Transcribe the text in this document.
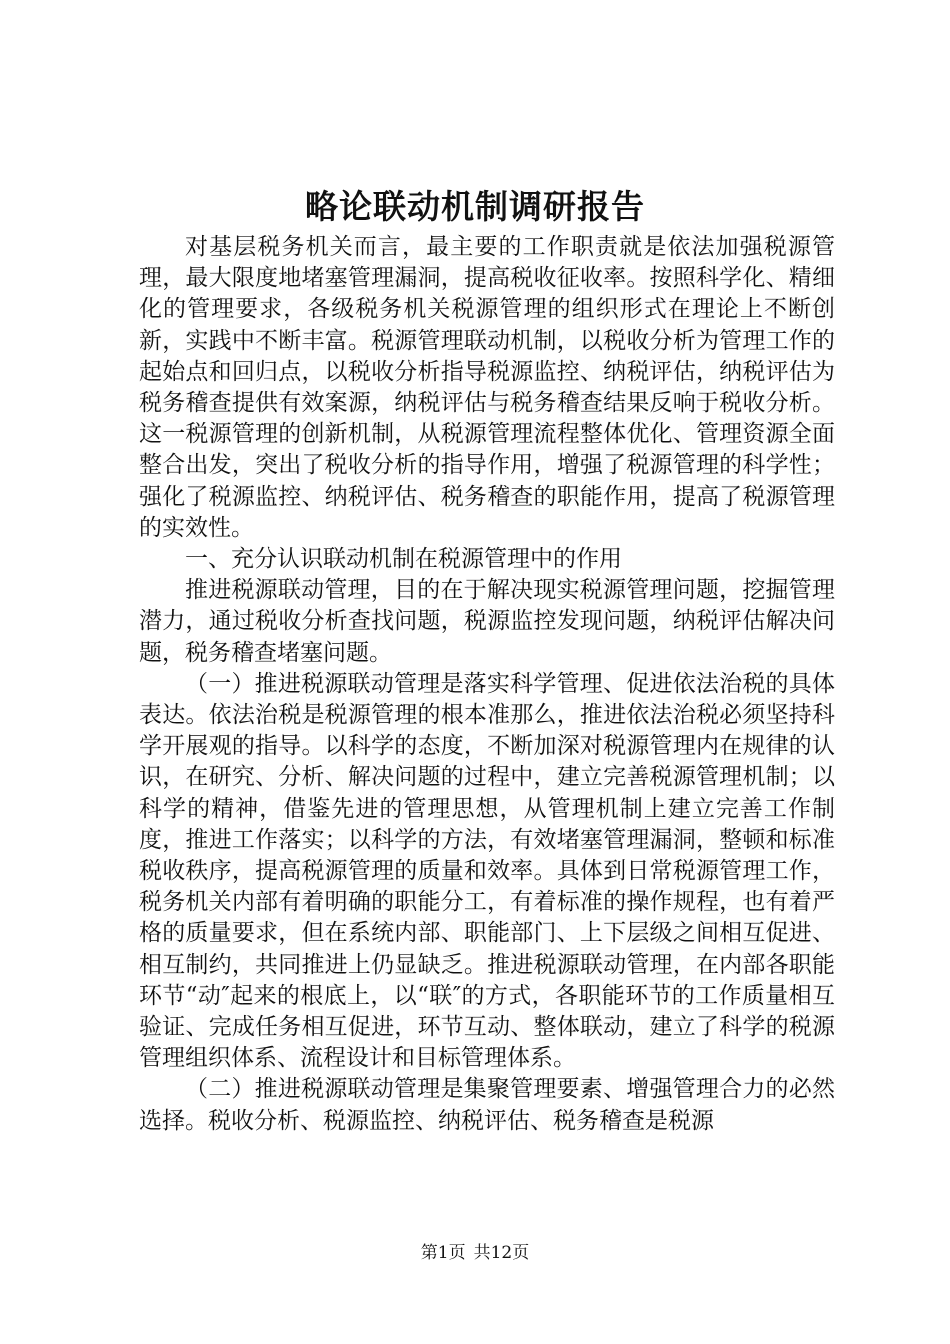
略论联动机制调研报告

对基层税务机关而言，最主要的工作职责就是依法加强税源管理，最大限度地堵塞管理漏洞，提高税收征收率。按照科学化、精细化的管理要求，各级税务机关税源管理的组织形式在理论上不断创新，实践中不断丰富。税源管理联动机制，以税收分析为管理工作的起始点和回归点，以税收分析指导税源监控、纳税评估，纳税评估为税务稽查提供有效案源，纳税评估与税务稽查结果反响于税收分析。这一税源管理的创新机制，从税源管理流程整体优化、管理资源全面整合出发，突出了税收分析的指导作用，增强了税源管理的科学性；强化了税源监控、纳税评估、税务稽查的职能作用，提高了税源管理的实效性。

一、充分认识联动机制在税源管理中的作用

推进税源联动管理，目的在于解决现实税源管理问题，挖掘管理潜力，通过税收分析查找问题，税源监控发现问题，纳税评估解决问题，税务稽查堵塞问题。

（一）推进税源联动管理是落实科学管理、促进依法治税的具体表达。依法治税是税源管理的根本准那么，推进依法治税必须坚持科学开展观的指导。以科学的态度，不断加深对税源管理内在规律的认识，在研究、分析、解决问题的过程中，建立完善税源管理机制；以科学的精神，借鉴先进的管理思想，从管理机制上建立完善工作制度，推进工作落实；以科学的方法，有效堵塞管理漏洞，整顿和标准税收秩序，提高税源管理的质量和效率。具体到日常税源管理工作，税务机关内部有着明确的职能分工，有着标准的操作规程，也有着严格的质量要求，但在系统内部、职能部门、上下层级之间相互促进、相互制约，共同推进上仍显缺乏。推进税源联动管理，在内部各职能环节“动″起来的根底上，以“联″的方式，各职能环节的工作质量相互验证、完成任务相互促进，环节互动、整体联动，建立了科学的税源管理组织体系、流程设计和目标管理体系。

（二）推进税源联动管理是集聚管理要素、增强管理合力的必然选择。税收分析、税源监控、纳税评估、税务稽查是税源

第1页 共12页
